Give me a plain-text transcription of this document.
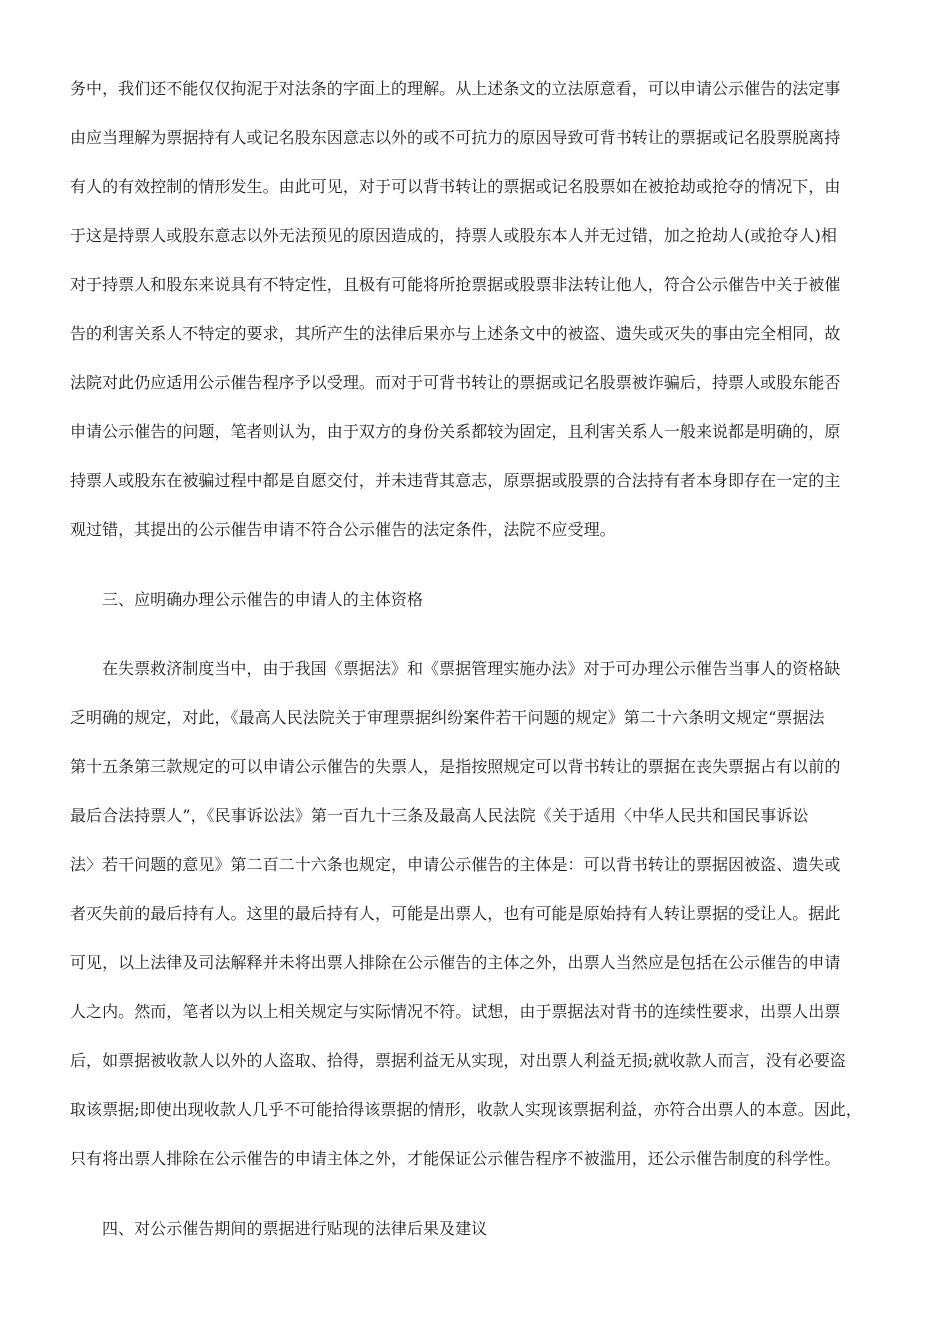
务中，我们还不能仅仅拘泥于对法条的字面上的理解。从上述条文的立法原意看，可以申请公示催告的法定事
由应当理解为票据持有人或记名股东因意志以外的或不可抗力的原因导致可背书转让的票据或记名股票脱离持
有人的有效控制的情形发生。由此可见，对于可以背书转让的票据或记名股票如在被抢劫或抢夺的情况下，由
于这是持票人或股东意志以外无法预见的原因造成的，持票人或股东本人并无过错，加之抢劫人(或抢夺人)相
对于持票人和股东来说具有不特定性，且极有可能将所抢票据或股票非法转让他人，符合公示催告中关于被催
告的利害关系人不特定的要求，其所产生的法律后果亦与上述条文中的被盗、遗失或灭失的事由完全相同，故
法院对此仍应适用公示催告程序予以受理。而对于可背书转让的票据或记名股票被诈骗后，持票人或股东能否
申请公示催告的问题，笔者则认为，由于双方的身份关系都较为固定，且利害关系人一般来说都是明确的，原
持票人或股东在被骗过程中都是自愿交付，并未违背其意志，原票据或股票的合法持有者本身即存在一定的主
观过错，其提出的公示催告申请不符合公示催告的法定条件，法院不应受理。
三、应明确办理公示催告的申请人的主体资格
在失票救济制度当中，由于我国《票据法》和《票据管理实施办法》对于可办理公示催告当事人的资格缺
乏明确的规定，对此，《最高人民法院关于审理票据纠纷案件若干问题的规定》第二十六条明文规定“票据法
第十五条第三款规定的可以申请公示催告的失票人，是指按照规定可以背书转让的票据在丧失票据占有以前的
最后合法持票人”，《民事诉讼法》第一百九十三条及最高人民法院《关于适用〈中华人民共和国民事诉讼
法〉若干问题的意见》第二百二十六条也规定，申请公示催告的主体是：可以背书转让的票据因被盗、遗失或
者灭失前的最后持有人。这里的最后持有人，可能是出票人，也有可能是原始持有人转让票据的受让人。据此
可见，以上法律及司法解释并未将出票人排除在公示催告的主体之外，出票人当然应是包括在公示催告的申请
人之内。然而，笔者以为以上相关规定与实际情况不符。试想，由于票据法对背书的连续性要求，出票人出票
后，如票据被收款人以外的人盗取、拾得，票据利益无从实现，对出票人利益无损;就收款人而言，没有必要盗
取该票据;即使出现收款人几乎不可能拾得该票据的情形，收款人实现该票据利益，亦符合出票人的本意。因此，
只有将出票人排除在公示催告的申请主体之外，才能保证公示催告程序不被滥用，还公示催告制度的科学性。
四、对公示催告期间的票据进行贴现的法律后果及建议
